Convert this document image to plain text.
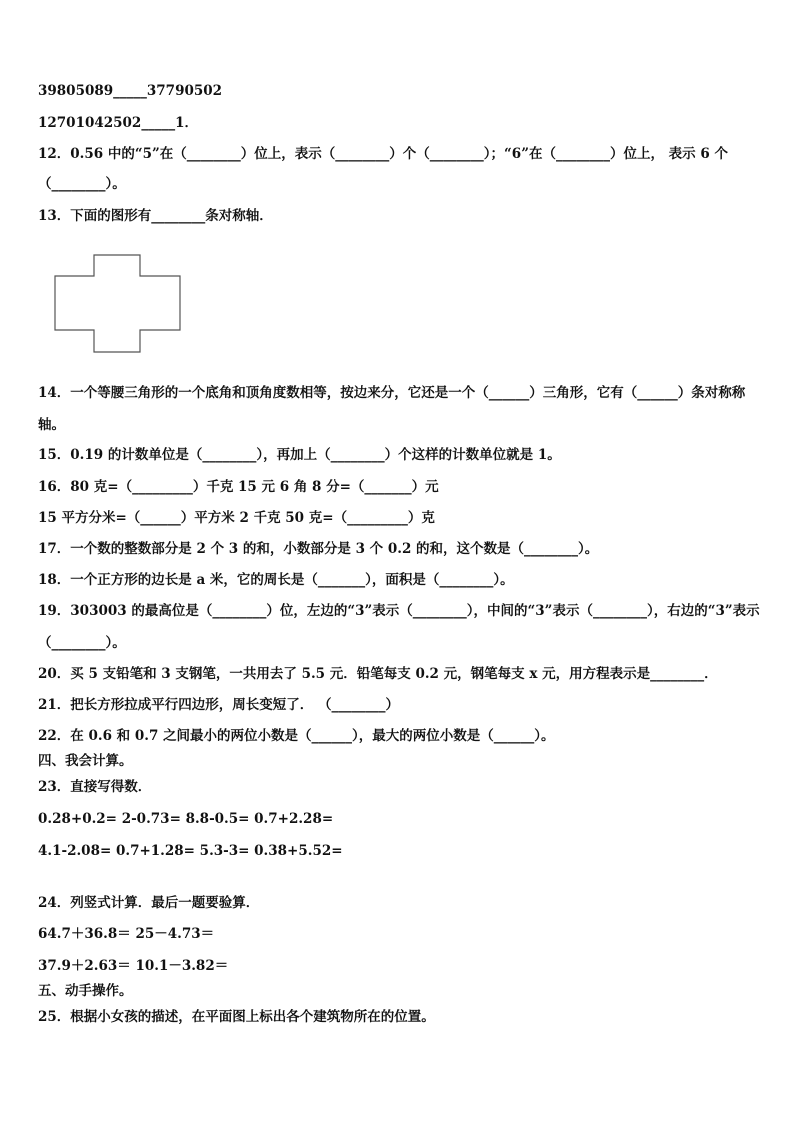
39805089_____37790502
12701042502_____1．
12．0.56 中的“5”在（________）位上，表示（________）个（________）；“6”在（________）位上， 表示 6 个
（________）。
13．下面的图形有________条对称轴．
14．一个等腰三角形的一个底角和顶角度数相等，按边来分，它还是一个（______）三角形，它有（______）条对称称
轴。
15．0.19 的计数单位是（________），再加上（________）个这样的计数单位就是 1。
16．80 克=（_________）千克 15 元 6 角 8 分=（_______）元
15 平方分米=（______）平方米 2 千克 50 克=（_________）克
17．一个数的整数部分是 2 个 3 的和，小数部分是 3 个 0.2 的和，这个数是（________）。
18．一个正方形的边长是 a 米，它的周长是（_______），面积是（________）。
19．303003 的最高位是（________）位，左边的“3”表示（________），中间的“3”表示（________），右边的“3”表示
（________）。
20．买 5 支铅笔和 3 支钢笔，一共用去了 5.5 元．铅笔每支 0.2 元，钢笔每支 x 元，用方程表示是________．
21．把长方形拉成平行四边形，周长变短了． （________）
22．在 0.6 和 0.7 之间最小的两位小数是（______），最大的两位小数是（______）。
四、我会计算。
23．直接写得数．
0.28+0.2= 2-0.73= 8.8-0.5= 0.7+2.28=
4.1-2.08= 0.7+1.28= 5.3-3= 0.38+5.52=
24．列竖式计算．最后一题要验算．
64.7＋36.8＝ 25－4.73＝
37.9＋2.63＝ 10.1－3.82＝
五、动手操作。
25．根据小女孩的描述，在平面图上标出各个建筑物所在的位置。
